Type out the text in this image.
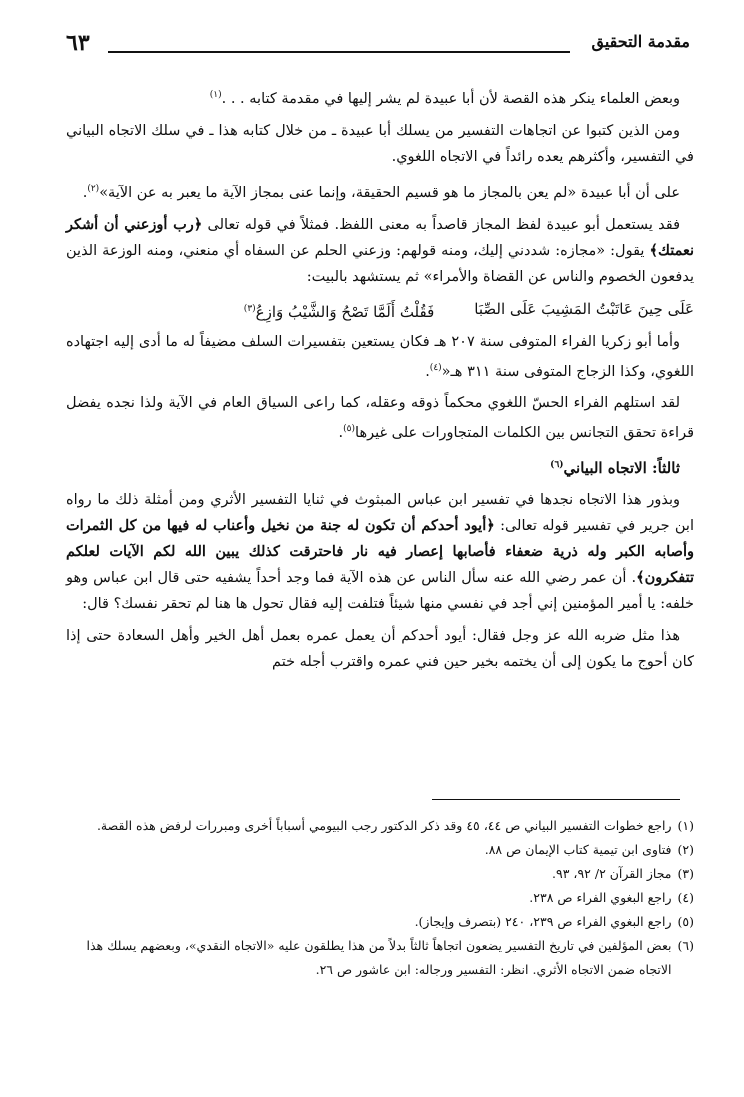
٦٣	مقدمة التحقيق

وبعض العلماء ينكر هذه القصة لأن أبا عبيدة لم يشر إليها في مقدمة كتابه . . .$^{(١)}$

ومن الذين كتبوا عن اتجاهات التفسير من يسلك أبا عبيدة ـ من خلال كتابه هذا ـ في سلك الاتجاه البياني في التفسير، وأكثرهم يعده رائداً في الاتجاه اللغوي.

على أن أبا عبيدة «لم يعن بالمجاز ما هو قسيم الحقيقة، وإنما عنى بمجاز الآية ما يعبر به عن الآية»$^{(٢)}$.

فقد يستعمل أبو عبيدة لفظ المجاز قاصداً به معنى اللفظ. فمثلاً في قوله تعالى ﴿رب أوزعني أن أشكر نعمتك﴾ يقول: «مجازه: شددني إليك، ومنه قولهم: وزعني الحلم عن السفاه أي منعني، ومنه الوزعة الذين يدفعون الخصوم والناس عن القضاة والأمراء» ثم يستشهد بالبيت:

عَلَى حِينَ عَاتَبْتُ المَشِيبَ عَلَى الصِّبَا
فَقُلْتُ أَلَمَّا تَصْحُ وَالشَّيْبُ وَازِعُ$^{(٣)}$

وأما أبو زكريا الفراء المتوفى سنة ٢٠٧ هـ فكان يستعين بتفسيرات السلف مضيفاً له ما أدى إليه اجتهاده اللغوي، وكذا الزجاج المتوفى سنة ٣١١ هـ«$^{(٤)}$.

لقد استلهم الفراء الحسّ اللغوي محكماً ذوقه وعقله، كما راعى السياق العام في الآية ولذا نجده يفضل قراءة تحقق التجانس بين الكلمات المتجاورات على غيرها$^{(٥)}$.

ثالثاً: الاتجاه البياني$^{(٦)}$

وبذور هذا الاتجاه نجدها في تفسير ابن عباس المبثوث في ثنايا التفسير الأثري ومن أمثلة ذلك ما رواه ابن جرير في تفسير قوله تعالى: ﴿أيود أحدكم أن تكون له جنة من نخيل وأعناب له فيها من كل الثمرات وأصابه الكبر وله ذرية ضعفاء فأصابها إعصار فيه نار فاحترقت كذلك يبين الله لكم الآيات لعلكم تتفكرون﴾. أن عمر رضي الله عنه سأل الناس عن هذه الآية فما وجد أحداً يشفيه حتى قال ابن عباس وهو خلفه: يا أمير المؤمنين إني أجد في نفسي منها شيئاً فتلفت إليه فقال تحول ها هنا لم تحقر نفسك؟ قال:

هذا مثل ضربه الله عز وجل فقال: أيود أحدكم أن يعمل عمره بعمل أهل الخير وأهل السعادة حتى إذا كان أحوج ما يكون إلى أن يختمه بخير حين فني عمره واقترب أجله ختم

(١)
راجع خطوات التفسير البياني ص ٤٤، ٤٥ وقد ذكر الدكتور رجب البيومي أسباباً أخرى ومبررات لرفض هذه القصة.
(٢)
فتاوى ابن تيمية كتاب الإيمان ص ٨٨.
(٣)
مجاز القرآن ٢/ ٩٢، ٩٣.
(٤)
راجع البغوي الفراء ص ٢٣٨.
(٥)
راجع البغوي الفراء ص ٢٣٩، ٢٤٠ (بتصرف وإيجاز).
(٦)
بعض المؤلفين في تاريخ التفسير يضعون اتجاهاً ثالثاً بدلاً من هذا يطلقون عليه «الاتجاه النقدي»، وبعضهم يسلك هذا الاتجاه ضمن الاتجاه الأثري. انظر: التفسير ورجاله: ابن عاشور ص ٢٦.
